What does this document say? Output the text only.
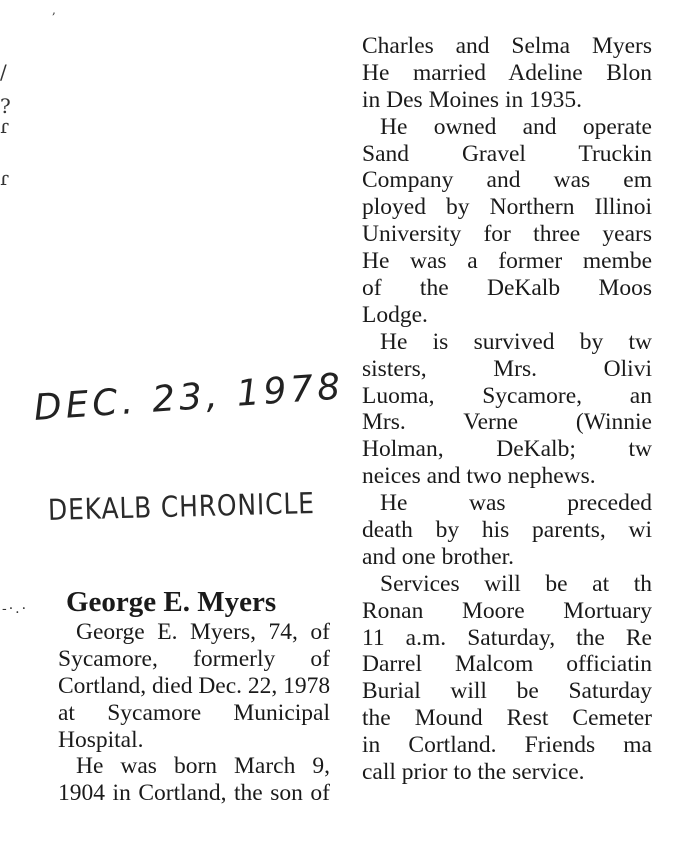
/
?
ɾ
ɾ
,
-·.·
DEC. 23, 1978
DEKALB CHRONICLE
George E. Myers
George E. Myers, 74, of
Sycamore, formerly of
Cortland, died Dec. 22, 1978
at Sycamore Municipal
Hospital.
He was born March 9,
1904 in Cortland, the son of
Charles and Selma Myers
He married Adeline Blon
in Des Moines in 1935.
He owned and operate
Sand Gravel Truckin
Company and was em
ployed by Northern Illinoi
University for three years
He was a former membe
of the DeKalb Moos
Lodge.
He is survived by tw
sisters, Mrs. Olivi
Luoma, Sycamore, an
Mrs. Verne (Winnie
Holman, DeKalb; tw
neices and two nephews.
He was preceded
death by his parents, wi
and one brother.
Services will be at th
Ronan Moore Mortuary
11 a.m. Saturday, the Re
Darrel Malcom officiatin
Burial will be Saturday
the Mound Rest Cemeter
in Cortland. Friends ma
call prior to the service.
